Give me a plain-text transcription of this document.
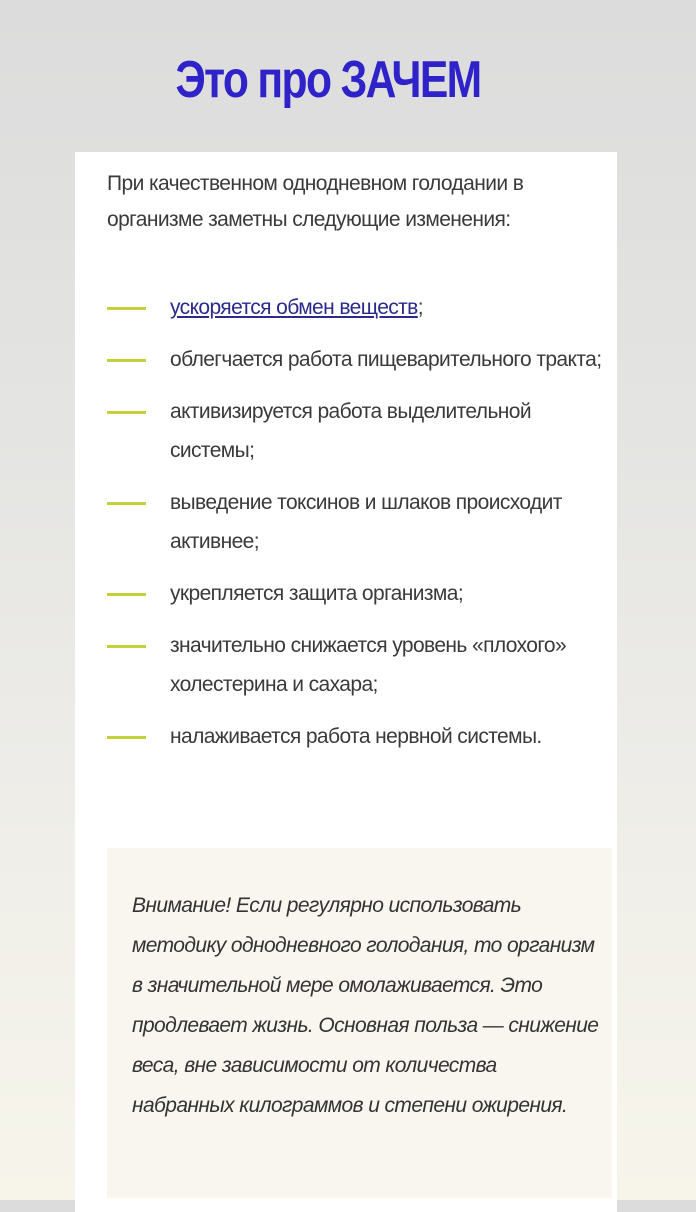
Это про ЗАЧЕМ
При качественном однодневном голодании в организме заметны следующие изменения:
ускоряется обмен веществ;
облегчается работа пищеварительного тракта;
активизируется работа выделительной системы;
выведение токсинов и шлаков происходит активнее;
укрепляется защита организма;
значительно снижается уровень «плохого» холестерина и сахара;
налаживается работа нервной системы.

Внимание! Если регулярно использовать методику однодневного голодания, то организм в значительной мере омолаживается. Это продлевает жизнь. Основная польза — снижение веса, вне зависимости от количества набранных килограммов и степени ожирения.
